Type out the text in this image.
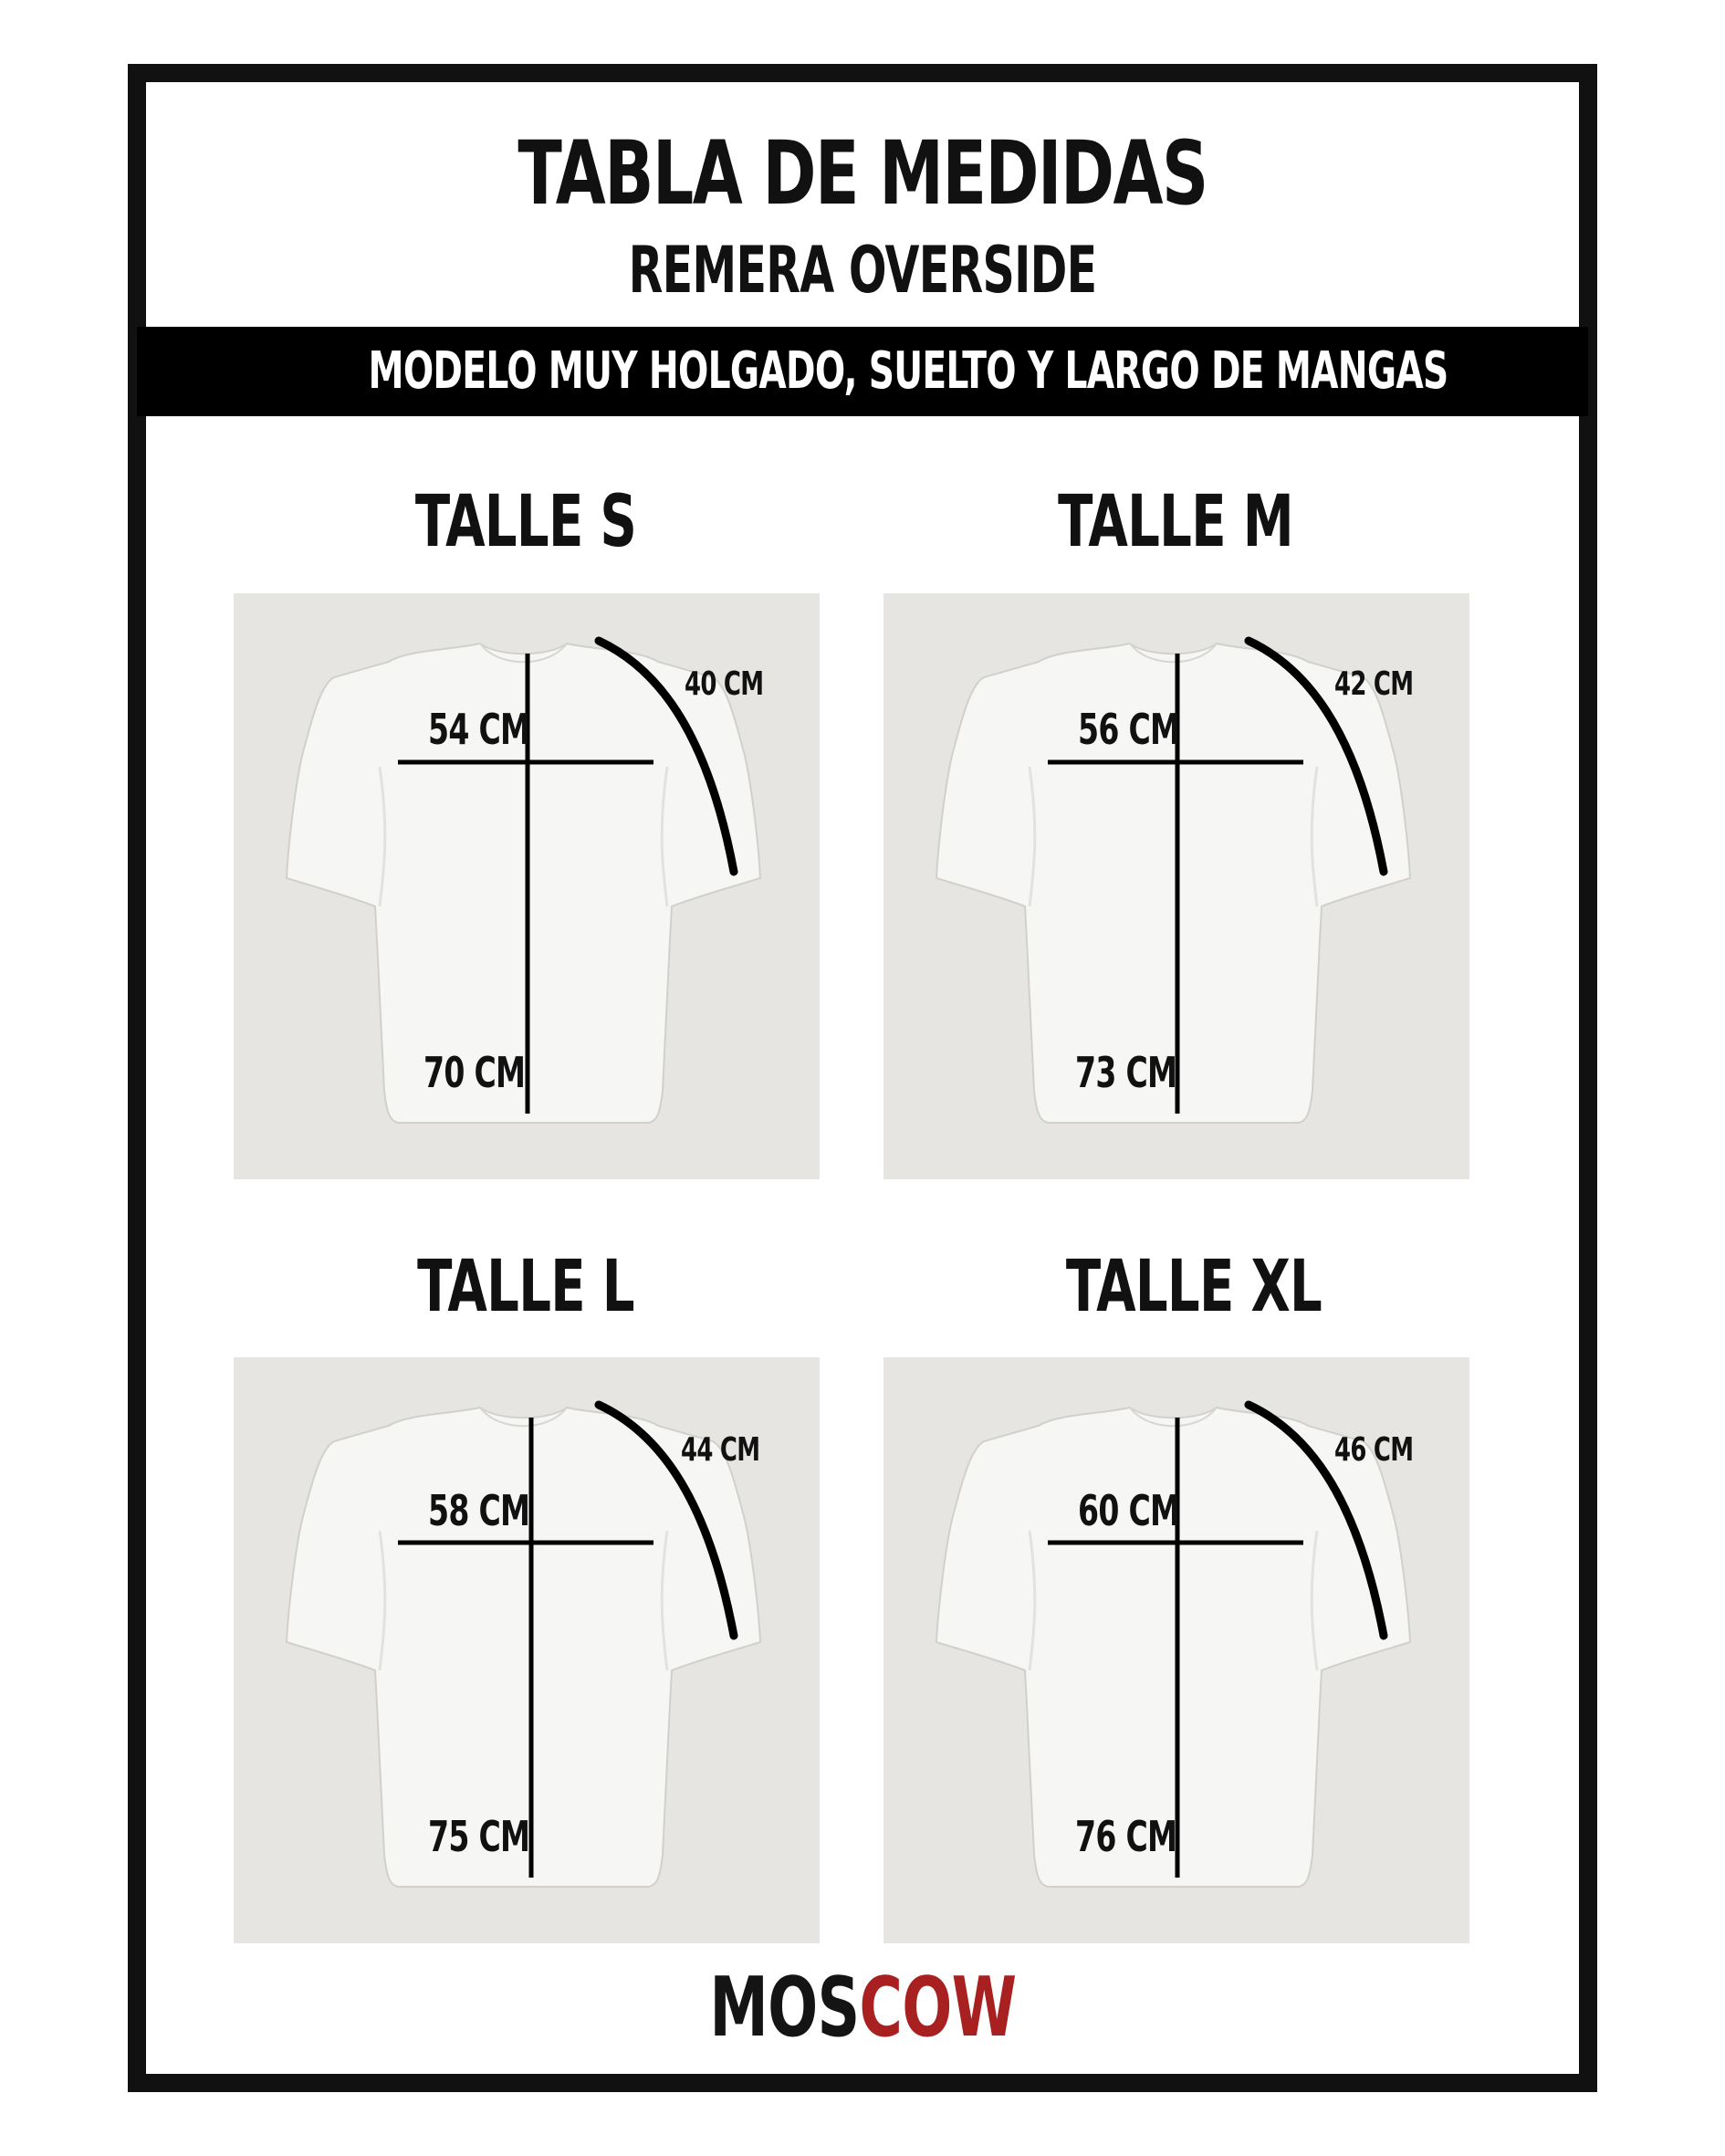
TABLA DE MEDIDAS
REMERA OVERSIDE
MODELO MUY HOLGADO, SUELTO Y LARGO DE MANGAS
TALLE S
54 CM
70 CM
40 CM
TALLE M
56 CM
73 CM
42 CM
TALLE L
58 CM
75 CM
44 CM
TALLE XL
60 CM
76 CM
46 CM
MOSCOW
